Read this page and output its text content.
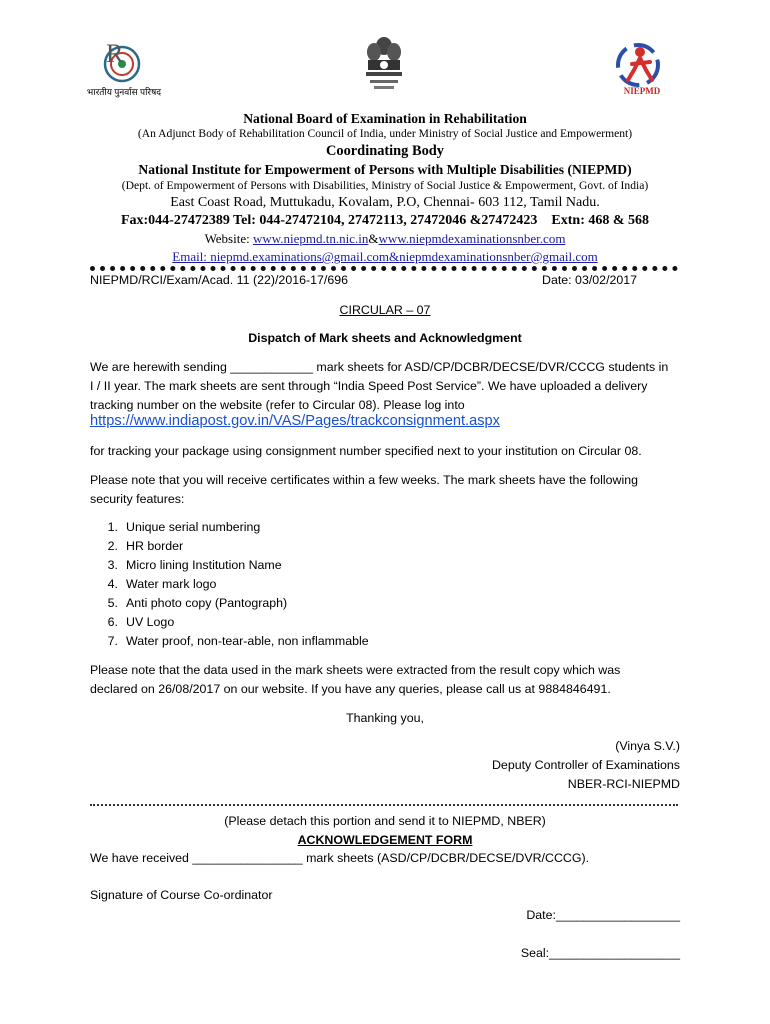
R
भारतीय पुनर्वास परिषद	NIEPMD
National Board of Examination in Rehabilitation
(An Adjunct Body of Rehabilitation Council of India, under Ministry of Social Justice and Empowerment)
Coordinating Body
National Institute for Empowerment of Persons with Multiple Disabilities (NIEPMD)
(Dept. of Empowerment of Persons with Disabilities, Ministry of Social Justice & Empowerment, Govt. of India)
East Coast Road, Muttukadu, Kovalam, P.O, Chennai- 603 112, Tamil Nadu.
Fax:044-27472389 Tel: 044-27472104, 27472113, 27472046 &27472423    Extn: 468 & 568
Website: www.niepmd.tn.nic.in&www.niepmdexaminationsnber.com
Email: niepmd.examinations@gmail.com&niepmdexaminationsnber@gmail.com
NIEPMD/RCI/Exam/Acad. 11 (22)/2016-17/696	Date: 03/02/2017
CIRCULAR – 07
Dispatch of Mark sheets and Acknowledgment
We are herewith sending ____________ mark sheets for ASD/CP/DCBR/DECSE/DVR/CCCG students in
I / II year. The mark sheets are sent through “India Speed Post Service”. We have uploaded a delivery
tracking number on the website (refer to Circular 08). Please log into
https://www.indiapost.gov.in/VAS/Pages/trackconsignment.aspx
for tracking your package using consignment number specified next to your institution on Circular 08.
Please note that you will receive certificates within a few weeks. The mark sheets have the following
security features:
1. Unique serial numbering
2. HR border
3. Micro lining Institution Name
4. Water mark logo
5. Anti photo copy (Pantograph)
6. UV Logo
7. Water proof, non-tear-able, non inflammable
Please note that the data used in the mark sheets were extracted from the result copy which was
declared on 26/08/2017 on our website. If you have any queries, please call us at 9884846491.
Thanking you,
(Vinya S.V.)
Deputy Controller of Examinations
NBER-RCI-NIEPMD
(Please detach this portion and send it to NIEPMD, NBER)
ACKNOWLEDGEMENT FORM
We have received ________________ mark sheets (ASD/CP/DCBR/DECSE/DVR/CCCG).
Signature of Course Co-ordinator
Date:__________________
Seal:___________________
